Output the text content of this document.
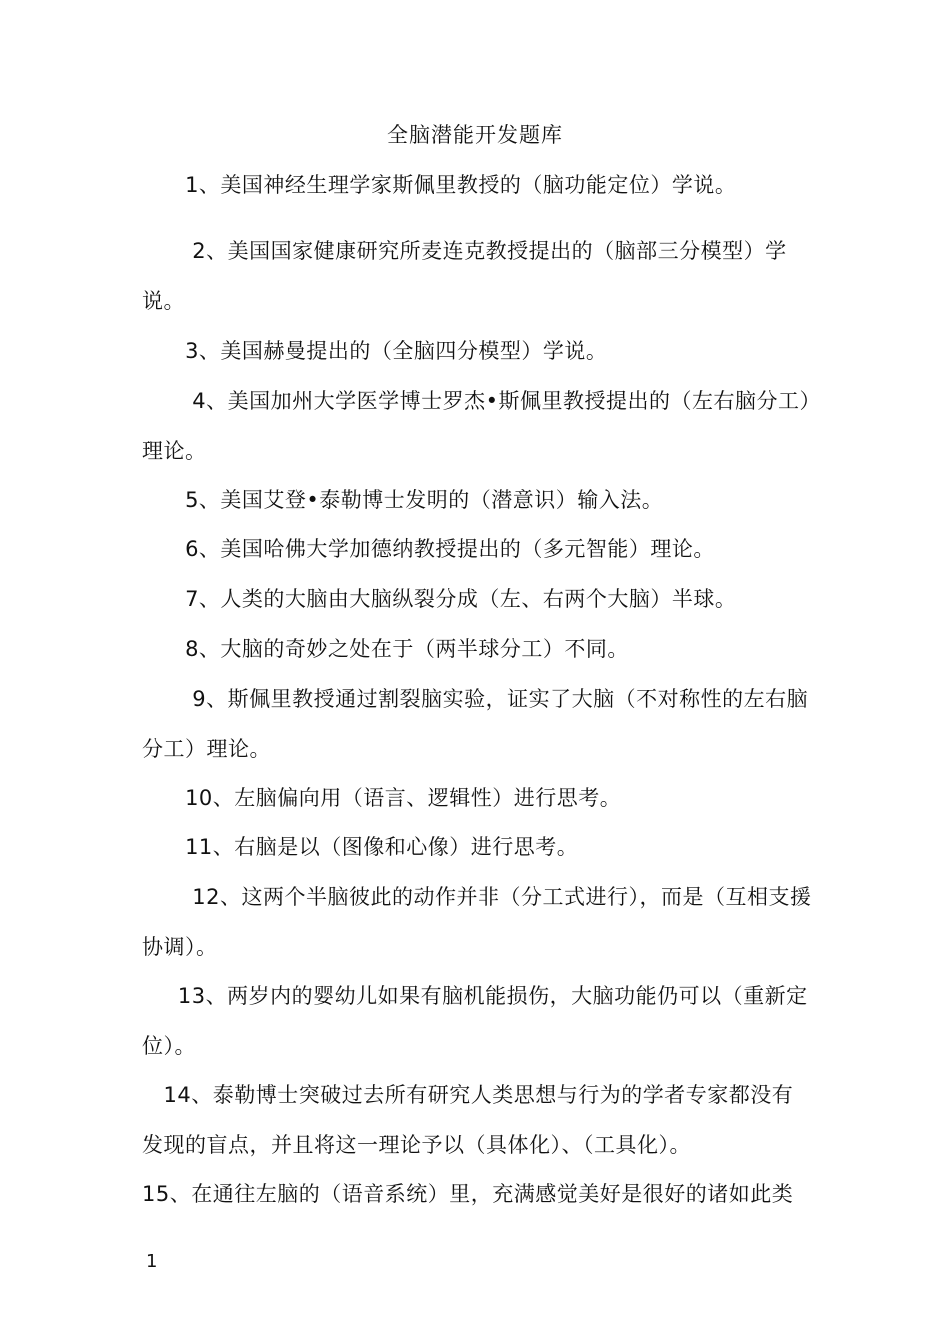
全脑潜能开发题库
1、美国神经生理学家斯佩里教授的（脑功能定位）学说。
2、美国国家健康研究所麦连克教授提出的（脑部三分模型）学说。
3、美国赫曼提出的（全脑四分模型）学说。
4、美国加州大学医学博士罗杰•斯佩里教授提出的（左右脑分工）理论。
5、美国艾登•泰勒博士发明的（潜意识）输入法。
6、美国哈佛大学加德纳教授提出的（多元智能）理论。
7、人类的大脑由大脑纵裂分成（左、右两个大脑）半球。
8、大脑的奇妙之处在于（两半球分工）不同。
9、斯佩里教授通过割裂脑实验，证实了大脑（不对称性的左右脑分工）理论。
10、左脑偏向用（语言、逻辑性）进行思考。
11、右脑是以（图像和心像）进行思考。
12、这两个半脑彼此的动作并非（分工式进行），而是（互相支援协调）。
13、两岁内的婴幼儿如果有脑机能损伤，大脑功能仍可以（重新定位）。
14、泰勒博士突破过去所有研究人类思想与行为的学者专家都没有发现的盲点，并且将这一理论予以（具体化）、（工具化）。
15、在通往左脑的（语音系统）里，充满感觉美好是很好的诸如此类
1
